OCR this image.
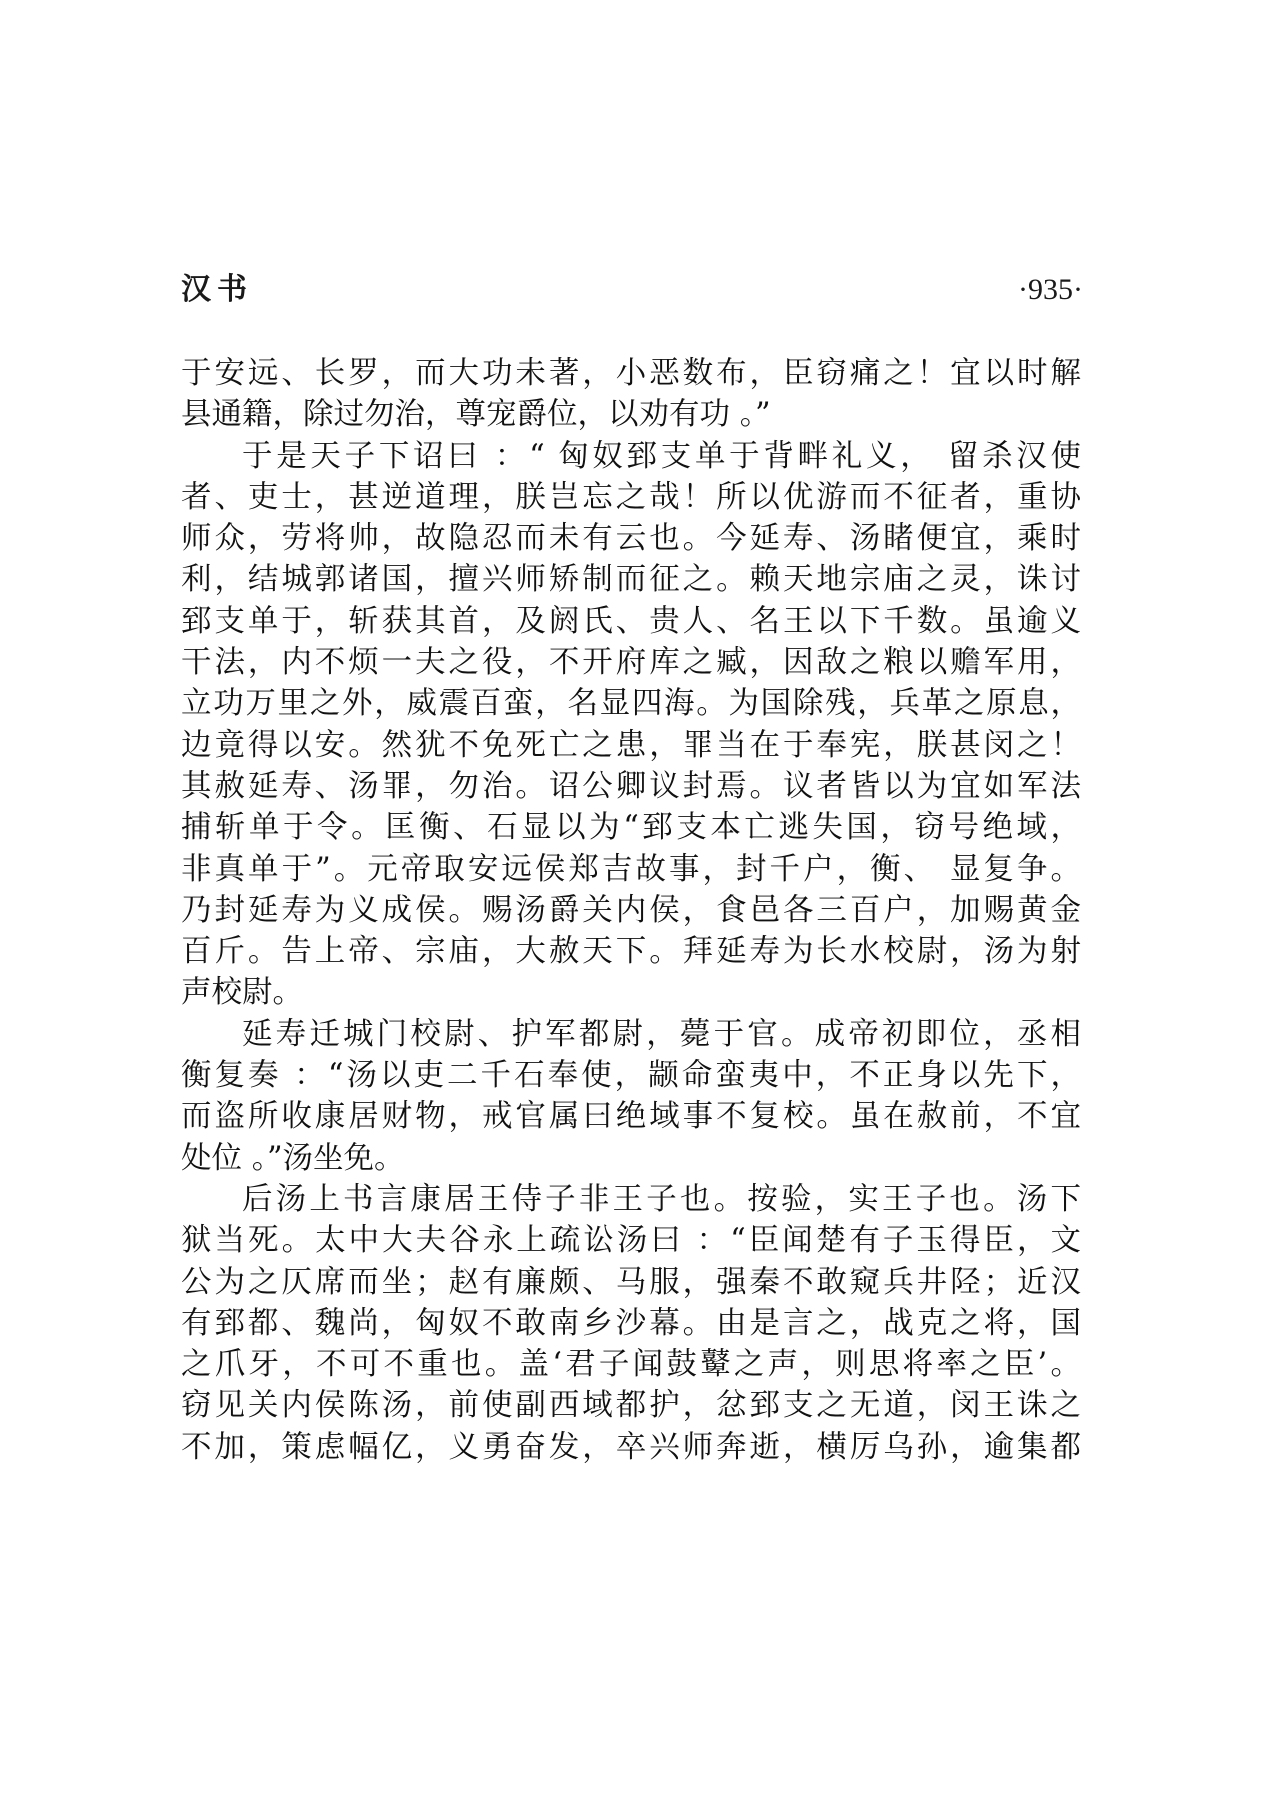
汉书	·935·
于安远、长罗，而大功未著，小恶数布，臣窃痛之！宜以时解
县通籍，除过勿治，尊宠爵位，以劝有功 。”
于是天子下诏曰 ：“ 匈奴郅支单于背畔礼义， 留杀汉使
者、吏士，甚逆道理，朕岂忘之哉！所以优游而不征者，重协
师众，劳将帅，故隐忍而未有云也。今延寿、汤睹便宜，乘时
利，结城郭诸国，擅兴师矫制而征之。赖天地宗庙之灵，诛讨
郅支单于，斩获其首，及阏氏、贵人、名王以下千数。虽逾义
干法，内不烦一夫之役，不开府库之臧，因敌之粮以赡军用，
立功万里之外，威震百蛮，名显四海。为国除残，兵革之原息，
边竟得以安。然犹不免死亡之患，罪当在于奉宪，朕甚闵之！
其赦延寿、汤罪，勿治。诏公卿议封焉。议者皆以为宜如军法
捕斩单于令。匡衡、石显以为“郅支本亡逃失国，窃号绝域，
非真单于”。元帝取安远侯郑吉故事，封千户，衡、 显复争。
乃封延寿为义成侯。赐汤爵关内侯，食邑各三百户，加赐黄金
百斤。告上帝、宗庙，大赦天下。拜延寿为长水校尉，汤为射
声校尉。
延寿迁城门校尉、护军都尉，薨于官。成帝初即位，丞相
衡复奏 ：“汤以吏二千石奉使，颛命蛮夷中，不正身以先下，
而盗所收康居财物，戒官属曰绝域事不复校。虽在赦前，不宜
处位 。”汤坐免。
后汤上书言康居王侍子非王子也。按验，实王子也。汤下
狱当死。太中大夫谷永上疏讼汤曰 ：“臣闻楚有子玉得臣，文
公为之仄席而坐；赵有廉颇、马服，强秦不敢窥兵井陉；近汉
有郅都、魏尚，匈奴不敢南乡沙幕。由是言之，战克之将，国
之爪牙，不可不重也。盖‘君子闻鼓鼙之声，则思将率之臣’。
窃见关内侯陈汤，前使副西域都护，忿郅支之无道，闵王诛之
不加，策虑幅亿，义勇奋发，卒兴师奔逝，横厉乌孙，逾集都
